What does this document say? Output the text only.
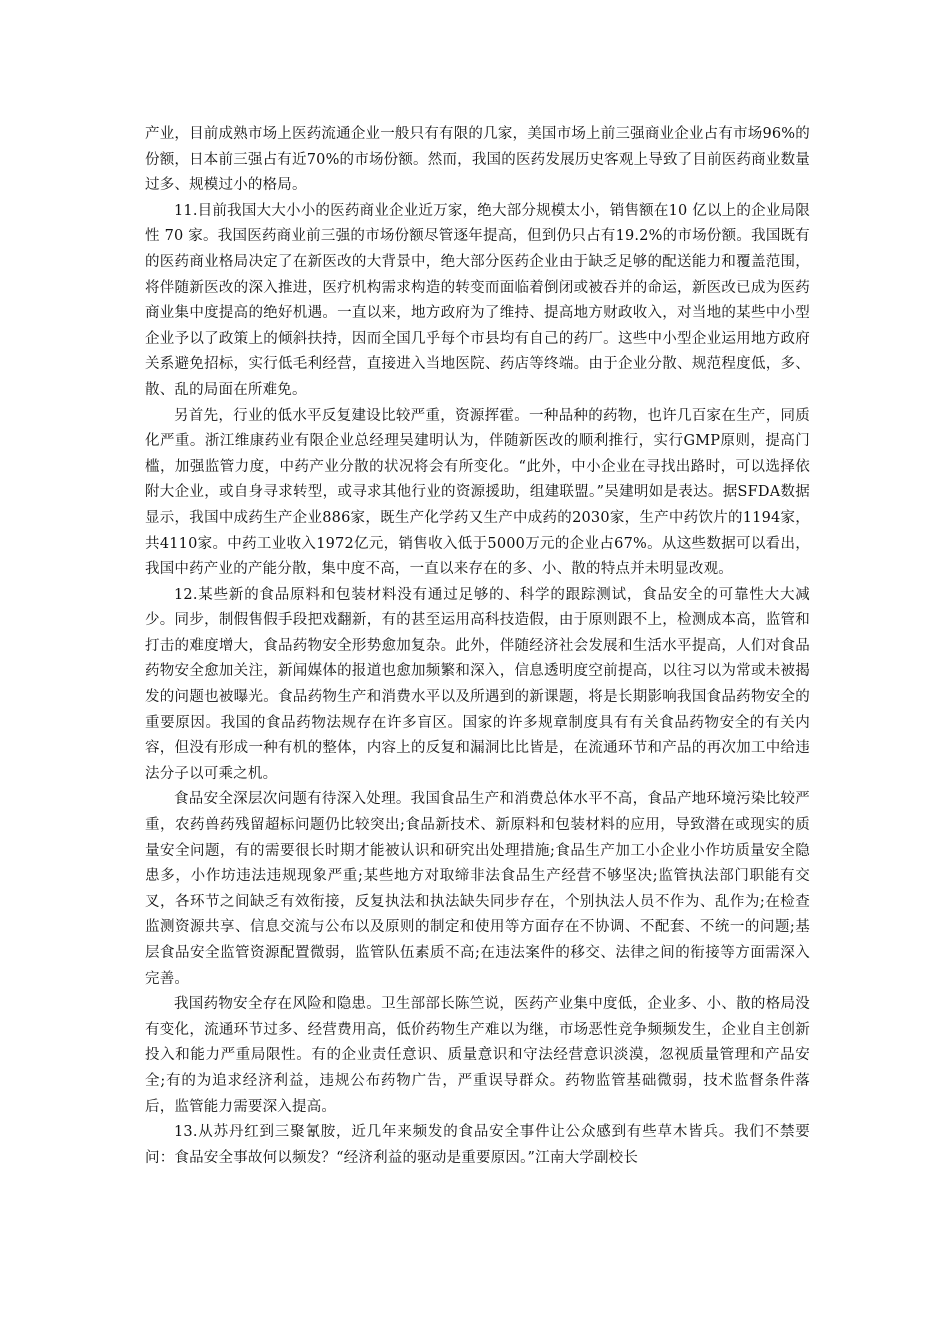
产业，目前成熟市场上医药流通企业一般只有有限的几家，美国市场上前三强商业企业占有市场96%的份额，日本前三强占有近70%的市场份额。然而，我国的医药发展历史客观上导致了目前医药商业数量过多、规模过小的格局。

11.目前我国大大小小的医药商业企业近万家，绝大部分规模太小，销售额在10 亿以上的企业局限性 70 家。我国医药商业前三强的市场份额尽管逐年提高，但到仍只占有19.2%的市场份额。我国既有的医药商业格局决定了在新医改的大背景中，绝大部分医药企业由于缺乏足够的配送能力和覆盖范围，将伴随新医改的深入推进，医疗机构需求构造的转变而面临着倒闭或被吞并的命运，新医改已成为医药商业集中度提高的绝好机遇。一直以来，地方政府为了维持、提高地方财政收入，对当地的某些中小型企业予以了政策上的倾斜扶持，因而全国几乎每个市县均有自己的药厂。这些中小型企业运用地方政府关系避免招标，实行低毛利经营，直接进入当地医院、药店等终端。由于企业分散、规范程度低，多、散、乱的局面在所难免。

另首先，行业的低水平反复建设比较严重，资源挥霍。一种品种的药物，也许几百家在生产，同质化严重。浙江维康药业有限企业总经理吴建明认为，伴随新医改的顺利推行，实行GMP原则，提高门槛，加强监管力度，中药产业分散的状况将会有所变化。“此外，中小企业在寻找出路时，可以选择依附大企业，或自身寻求转型，或寻求其他行业的资源援助，组建联盟。”吴建明如是表达。据SFDA数据显示，我国中成药生产企业886家，既生产化学药又生产中成药的2030家，生产中药饮片的1194家，共4110家。中药工业收入1972亿元，销售收入低于5000万元的企业占67%。从这些数据可以看出，我国中药产业的产能分散，集中度不高，一直以来存在的多、小、散的特点并未明显改观。

12.某些新的食品原料和包装材料没有通过足够的、科学的跟踪测试，食品安全的可靠性大大减少。同步，制假售假手段把戏翻新，有的甚至运用高科技造假，由于原则跟不上，检测成本高，监管和打击的难度增大，食品药物安全形势愈加复杂。此外，伴随经济社会发展和生活水平提高，人们对食品药物安全愈加关注，新闻媒体的报道也愈加频繁和深入，信息透明度空前提高，以往习以为常或未被揭发的问题也被曝光。食品药物生产和消费水平以及所遇到的新课题，将是长期影响我国食品药物安全的重要原因。我国的食品药物法规存在许多盲区。国家的许多规章制度具有有关食品药物安全的有关内容，但没有形成一种有机的整体，内容上的反复和漏洞比比皆是，在流通环节和产品的再次加工中给违法分子以可乘之机。

食品安全深层次问题有待深入处理。我国食品生产和消费总体水平不高，食品产地环境污染比较严重，农药兽药残留超标问题仍比较突出;食品新技术、新原料和包装材料的应用，导致潜在或现实的质量安全问题，有的需要很长时期才能被认识和研究出处理措施;食品生产加工小企业小作坊质量安全隐患多，小作坊违法违规现象严重;某些地方对取缔非法食品生产经营不够坚决;监管执法部门职能有交叉，各环节之间缺乏有效衔接，反复执法和执法缺失同步存在，个别执法人员不作为、乱作为;在检查监测资源共享、信息交流与公布以及原则的制定和使用等方面存在不协调、不配套、不统一的问题;基层食品安全监管资源配置微弱，监管队伍素质不高;在违法案件的移交、法律之间的衔接等方面需深入完善。

我国药物安全存在风险和隐患。卫生部部长陈竺说，医药产业集中度低，企业多、小、散的格局没有变化，流通环节过多、经营费用高，低价药物生产难以为继，市场恶性竞争频频发生，企业自主创新投入和能力严重局限性。有的企业责任意识、质量意识和守法经营意识淡漠，忽视质量管理和产品安全;有的为追求经济利益，违规公布药物广告，严重误导群众。药物监管基础微弱，技术监督条件落后，监管能力需要深入提高。

13.从苏丹红到三聚氰胺，近几年来频发的食品安全事件让公众感到有些草木皆兵。我们不禁要问：食品安全事故何以频发？“经济利益的驱动是重要原因。”江南大学副校长
